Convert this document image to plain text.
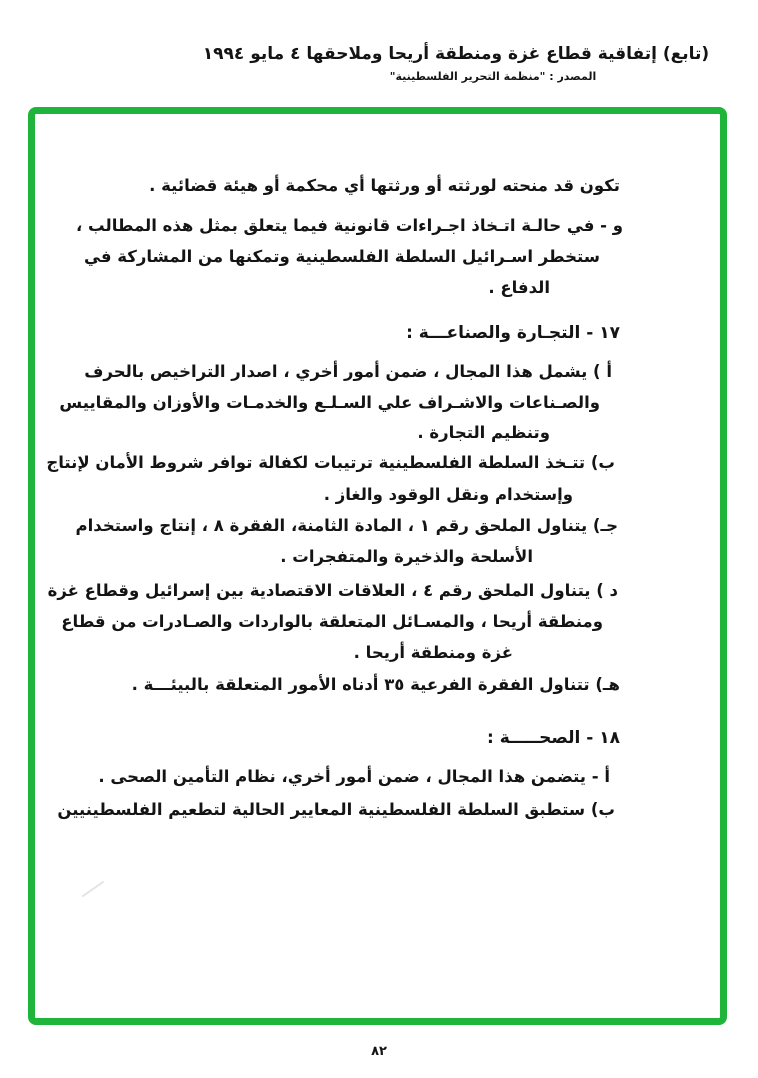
(تابع) إتفاقية قطاع غزة ومنطقة أريحا وملاحقها ٤ مايو ١٩٩٤
المصدر : "منظمة التحرير الفلسطينية"
تكون قد منحته لورثته أو ورثتها أي محكمة أو هيئة قضائية .
و - في حالـة اتـخاذ اجـراءات قانونية فيما يتعلق بمثل هذه المطالب ،
ستخطر اسـرائيل السلطة الفلسطينية وتمكنها من المشاركة في
الدفاع .
١٧ - التجـارة والصناعـــة :
أ ) يشمل هذا المجال ، ضمن أمور أخري ، اصدار التراخيص بالحرف
والصـناعات والاشـراف علي السـلـع والخدمـات والأوزان والمقاييس
وتنظيم التجارة .
ب) تتـخذ السلطة الفلسطينية ترتيبات لكفالة توافر شروط الأمان لإنتاج
وإستخدام ونقل الوقود والغاز .
جـ) يتناول الملحق رقم ١ ، المادة الثامنة، الفقرة ٨ ، إنتاج واستخدام
الأسلحة والذخيرة والمتفجرات .
د ) يتناول الملحق رقم ٤ ، العلاقات الاقتصادية بين إسرائيل وقطاع غزة
ومنطقة أريحا ، والمسـائل المتعلقة بالواردات والصـادرات من قطاع
غزة ومنطقة أريحا .
هـ) تتناول الفقرة الفرعية ٣٥ أدناه الأمور المتعلقة بالبيئـــة .
١٨ - الصحـــــة :
أ - يتضمن هذا المجال ، ضمن أمور أخري، نظام التأمين الصحى .
ب) ستطبق السلطة الفلسطينية المعايير الحالية لتطعيم الفلسطينيين
٨٢
